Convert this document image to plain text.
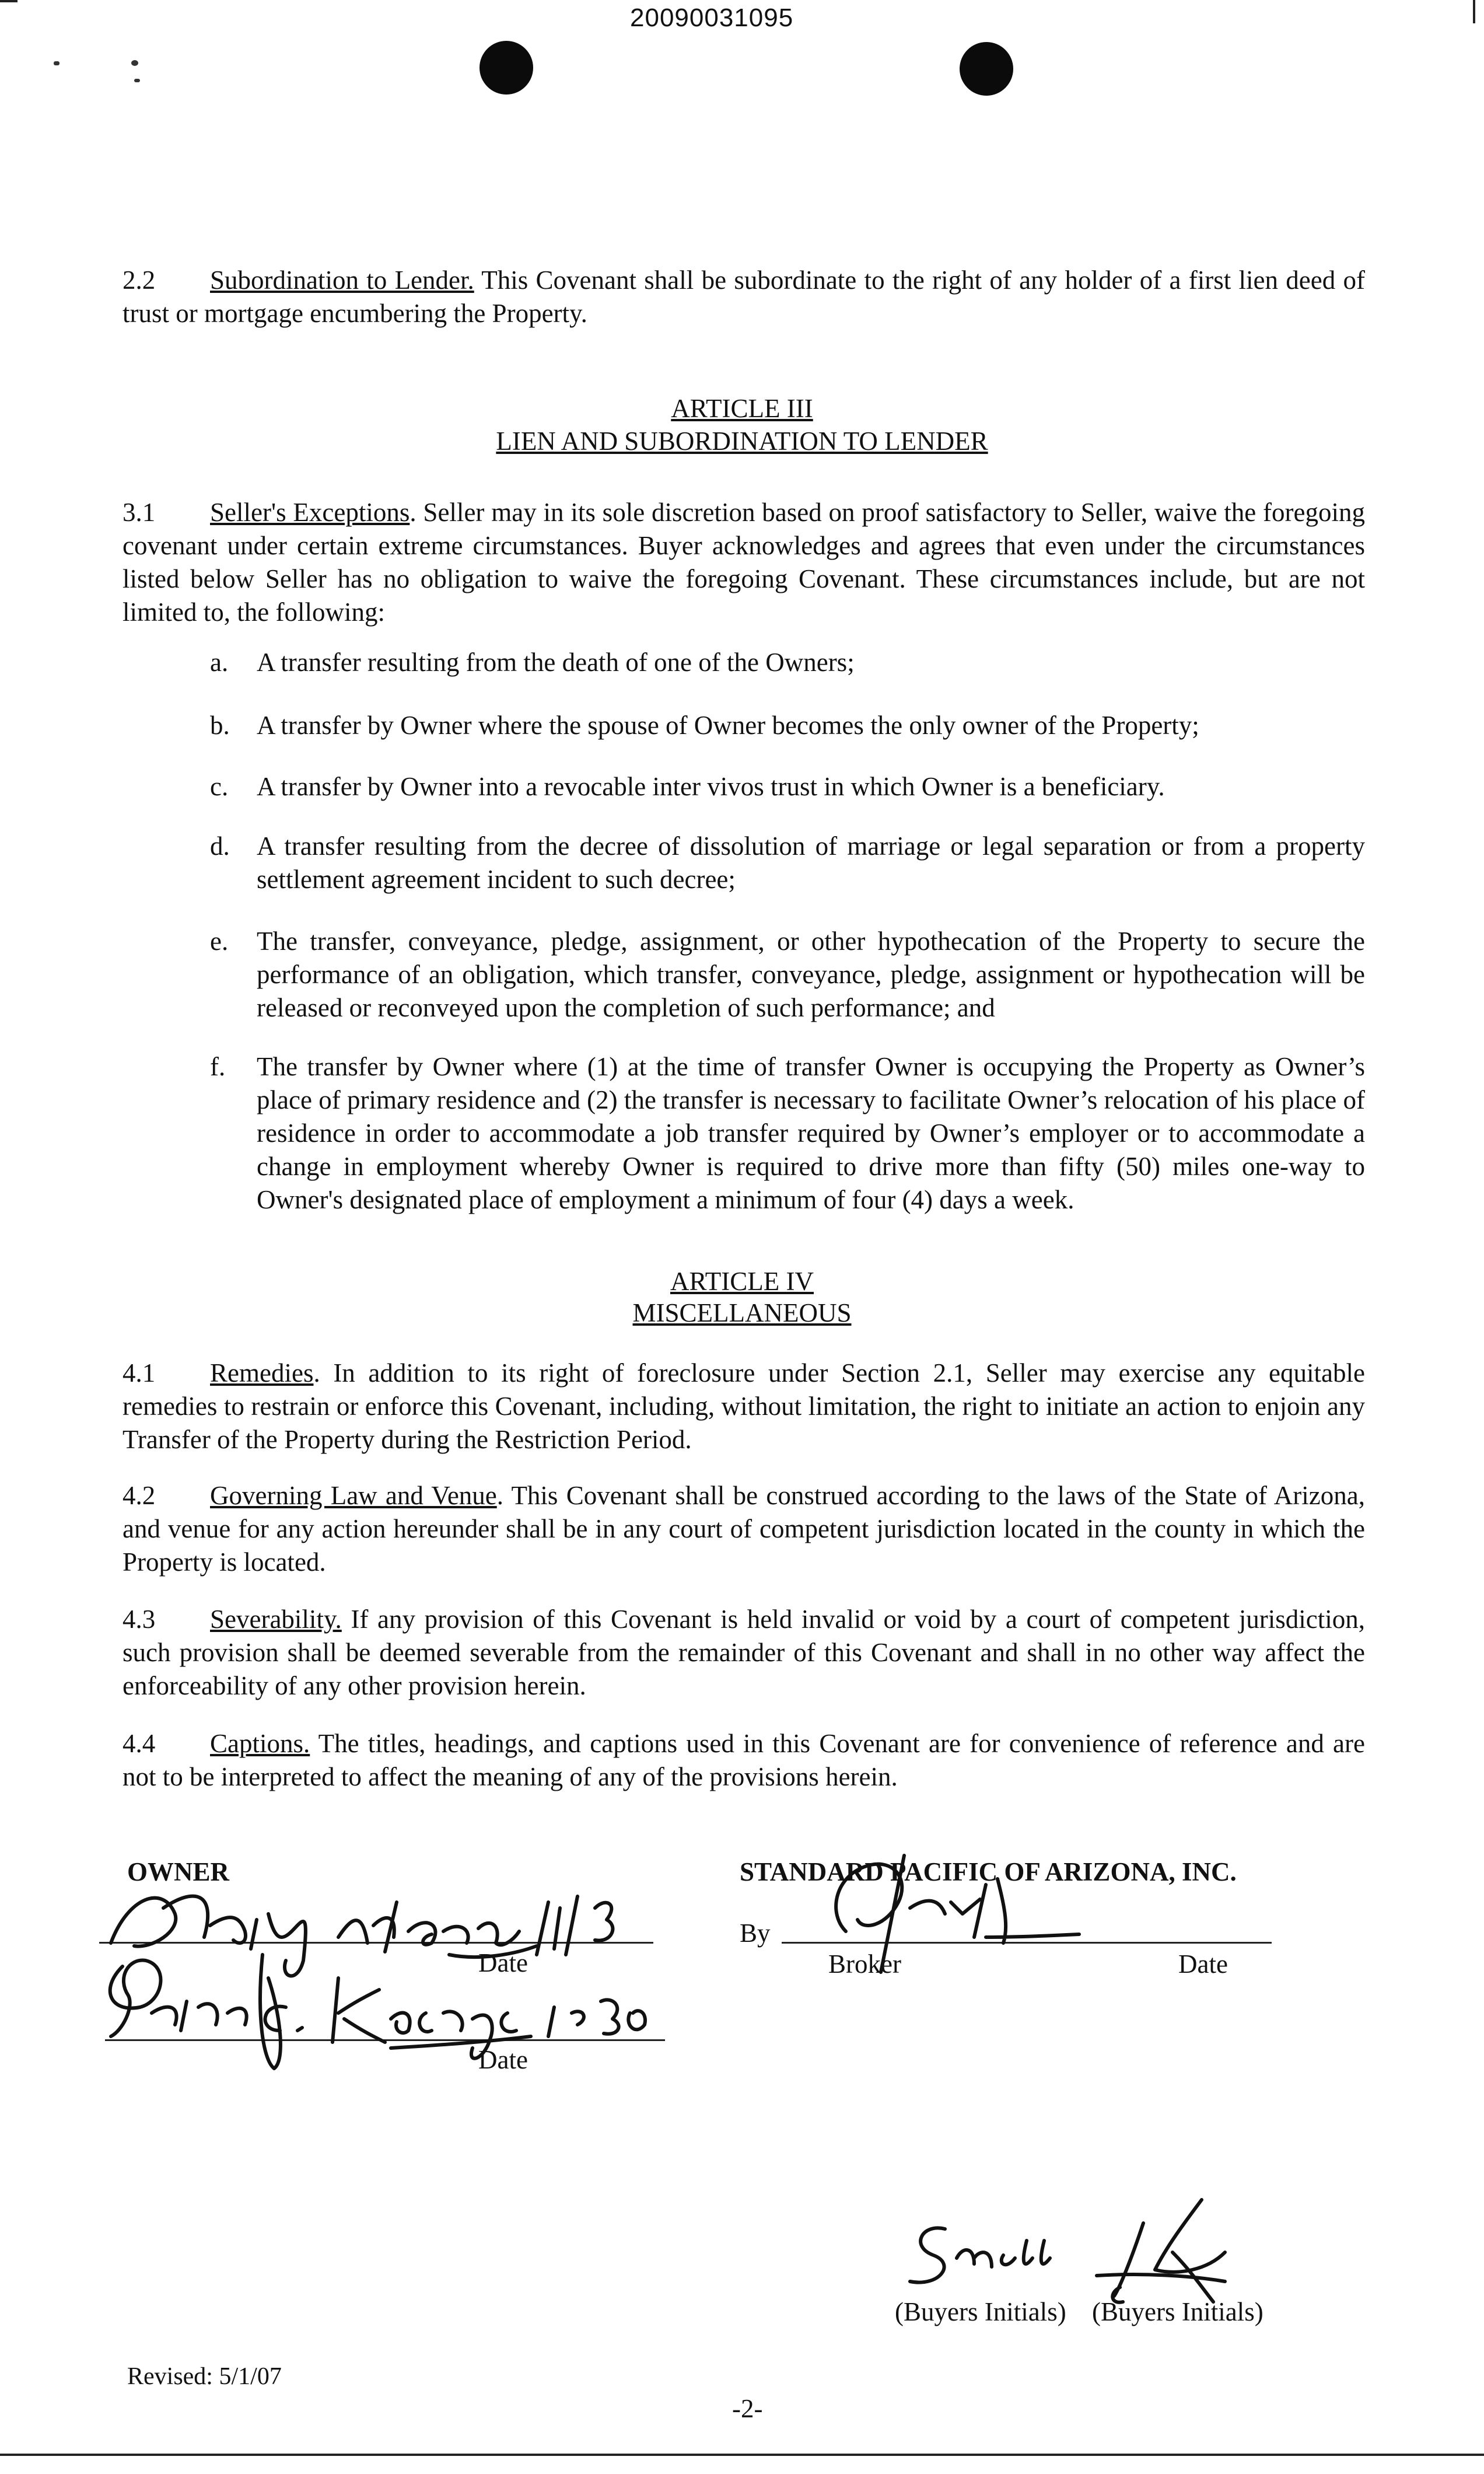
20090031095
2.2 Subordination to Lender. This Covenant shall be subordinate to the right of any holder of a first lien deed of trust or mortgage encumbering the Property.
ARTICLE III
LIEN AND SUBORDINATION TO LENDER
3.1 Seller's Exceptions. Seller may in its sole discretion based on proof satisfactory to Seller, waive the foregoing covenant under certain extreme circumstances. Buyer acknowledges and agrees that even under the circumstances listed below Seller has no obligation to waive the foregoing Covenant. These circumstances include, but are not limited to, the following:
a. A transfer resulting from the death of one of the Owners;
b. A transfer by Owner where the spouse of Owner becomes the only owner of the Property;
c. A transfer by Owner into a revocable inter vivos trust in which Owner is a beneficiary.
d. A transfer resulting from the decree of dissolution of marriage or legal separation or from a property settlement agreement incident to such decree;
e. The transfer, conveyance, pledge, assignment, or other hypothecation of the Property to secure the performance of an obligation, which transfer, conveyance, pledge, assignment or hypothecation will be released or reconveyed upon the completion of such performance; and
f. The transfer by Owner where (1) at the time of transfer Owner is occupying the Property as Owner’s place of primary residence and (2) the transfer is necessary to facilitate Owner’s relocation of his place of residence in order to accommodate a job transfer required by Owner’s employer or to accommodate a change in employment whereby Owner is required to drive more than fifty (50) miles one-way to Owner's designated place of employment a minimum of four (4) days a week.
ARTICLE IV
MISCELLANEOUS
4.1 Remedies. In addition to its right of foreclosure under Section 2.1, Seller may exercise any equitable remedies to restrain or enforce this Covenant, including, without limitation, the right to initiate an action to enjoin any Transfer of the Property during the Restriction Period.
4.2 Governing Law and Venue. This Covenant shall be construed according to the laws of the State of Arizona, and venue for any action hereunder shall be in any court of competent jurisdiction located in the county in which the Property is located.
4.3 Severability. If any provision of this Covenant is held invalid or void by a court of competent jurisdiction, such provision shall be deemed severable from the remainder of this Covenant and shall in no other way affect the enforceability of any other provision herein.
4.4 Captions. The titles, headings, and captions used in this Covenant are for convenience of reference and are not to be interpreted to affect the meaning of any of the provisions herein.
OWNER
Date
Date
STANDARD PACIFIC OF ARIZONA, INC.
By
Broker	Date
(Buyers Initials) (Buyers Initials)
Revised: 5/1/07
-2-
